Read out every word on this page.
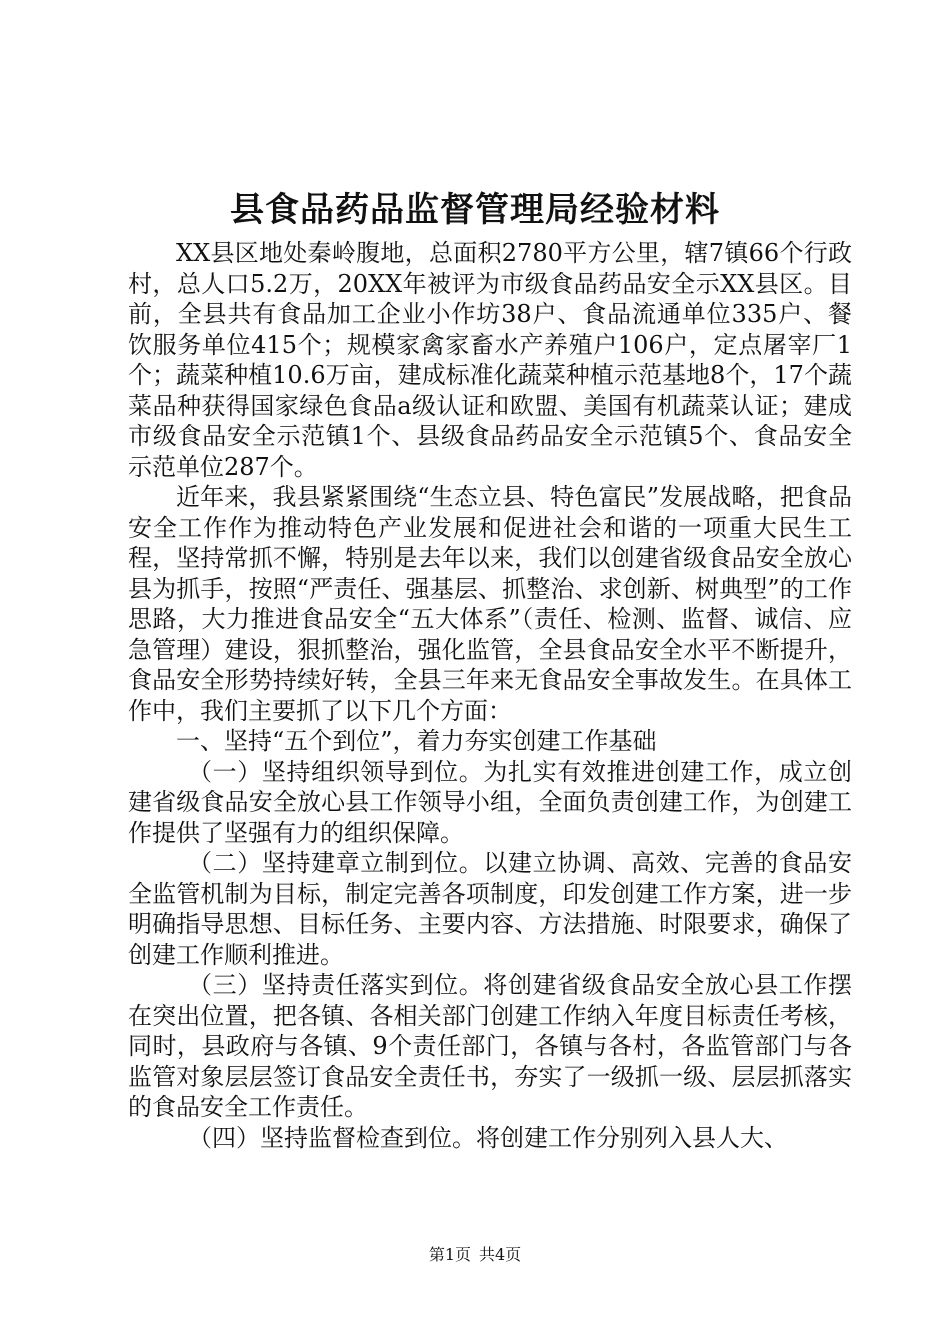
县食品药品监督管理局经验材料

XX县区地处秦岭腹地，总面积2780平方公里，辖7镇66个行政村，总人口5.2万，20XX年被评为市级食品药品安全示XX县区。目前，全县共有食品加工企业小作坊38户、食品流通单位335户、餐饮服务单位415个；规模家禽家畜水产养殖户106户，定点屠宰厂1个；蔬菜种植10.6万亩，建成标准化蔬菜种植示范基地8个，17个蔬菜品种获得国家绿色食品a级认证和欧盟、美国有机蔬菜认证；建成市级食品安全示范镇1个、县级食品药品安全示范镇5个、食品安全示范单位287个。

近年来，我县紧紧围绕“生态立县、特色富民”发展战略，把食品安全工作作为推动特色产业发展和促进社会和谐的一项重大民生工程，坚持常抓不懈，特别是去年以来，我们以创建省级食品安全放心县为抓手，按照“严责任、强基层、抓整治、求创新、树典型”的工作思路，大力推进食品安全“五大体系”（责任、检测、监督、诚信、应急管理）建设，狠抓整治，强化监管，全县食品安全水平不断提升，食品安全形势持续好转，全县三年来无食品安全事故发生。在具体工作中，我们主要抓了以下几个方面：

一、坚持“五个到位”，着力夯实创建工作基础

（一）坚持组织领导到位。为扎实有效推进创建工作，成立创建省级食品安全放心县工作领导小组，全面负责创建工作，为创建工作提供了坚强有力的组织保障。

（二）坚持建章立制到位。以建立协调、高效、完善的食品安全监管机制为目标，制定完善各项制度，印发创建工作方案，进一步明确指导思想、目标任务、主要内容、方法措施、时限要求，确保了创建工作顺利推进。

（三）坚持责任落实到位。将创建省级食品安全放心县工作摆在突出位置，把各镇、各相关部门创建工作纳入年度目标责任考核，同时，县政府与各镇、9个责任部门，各镇与各村，各监管部门与各监管对象层层签订食品安全责任书，夯实了一级抓一级、层层抓落实的食品安全工作责任。

（四）坚持监督检查到位。将创建工作分别列入县人大、

第1页 共4页
